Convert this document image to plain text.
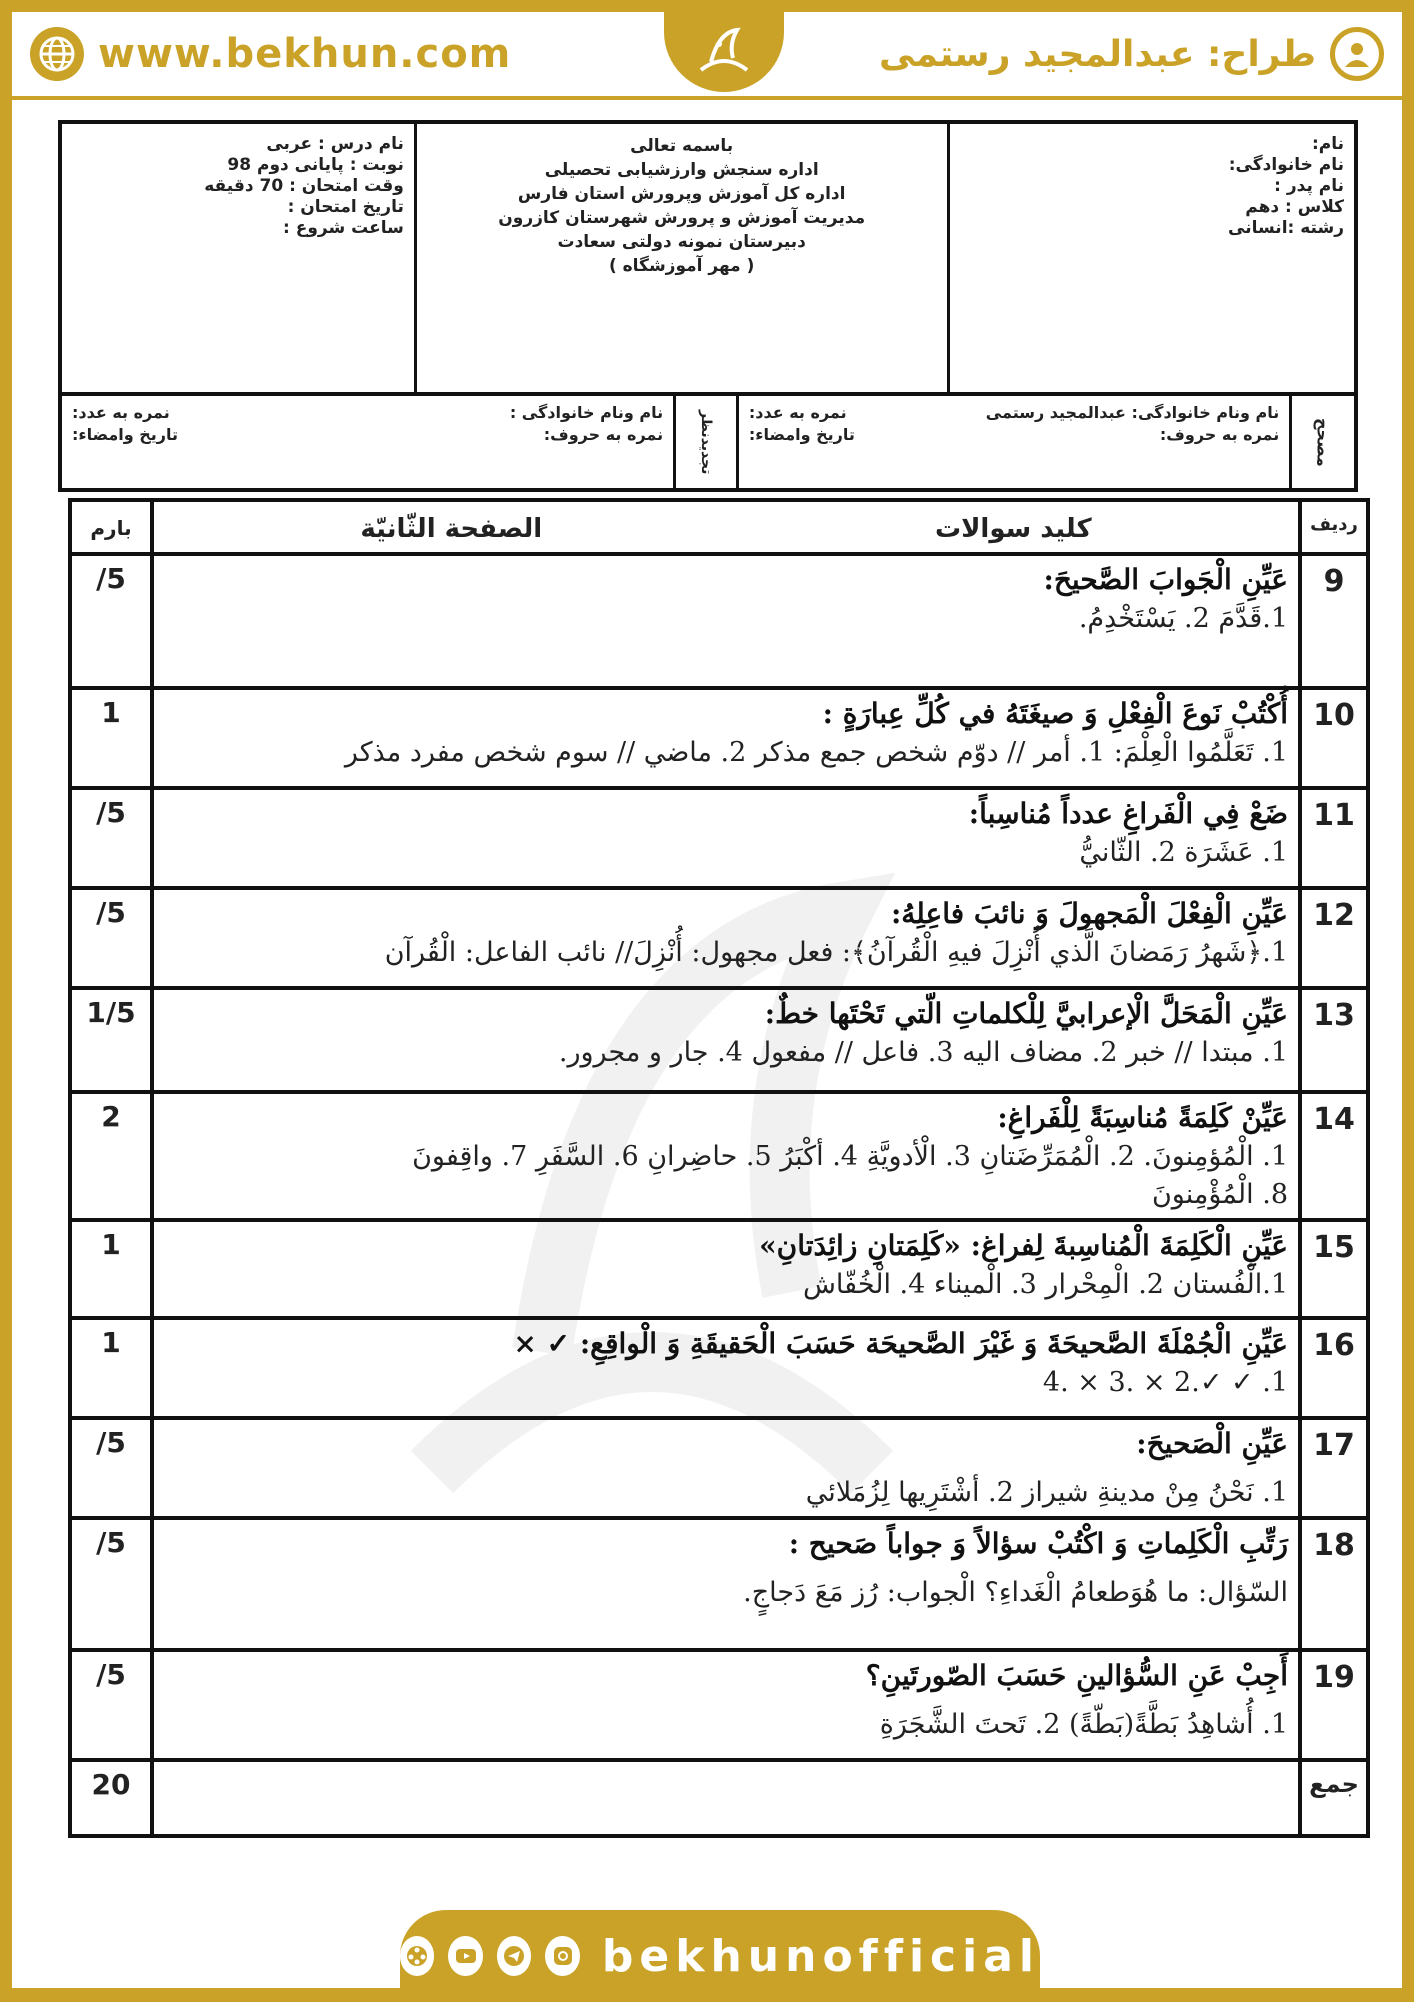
www.bekhun.com	طراح: عبدالمجید رستمی
نام:
نام خانوادگی:
نام پدر :
کلاس : دهم
رشته :انسانی
باسمه تعالی
اداره سنجش وارزشیابی تحصیلی
اداره کل آموزش وپرورش استان فارس
مدیریت آموزش و پرورش شهرستان کازرون
دبیرستان نمونه دولتی سعادت
( مهر آموزشگاه )
نام درس : عربی
نوبت : پایانی دوم 98
وقت امتحان : 70 دقیقه
تاریخ امتحان :
ساعت شروع :
مصحح
نام ونام خانوادگی: عبدالمجید رستمی
نمره به عدد:
نمره به حروف:
تاریخ وامضاء:
تجدیدنظر
نام ونام خانوادگی :
نمره به عدد:
نمره به حروف:
تاریخ وامضاء:
ردیف	کلید سوالات
الصفحة الثّانیّة	بارم
9	عَیِّنِ الْجَوابَ الصَّحیحَ:
1.قَدَّمَ 2. یَسْتَخْدِمُ.	5/
10	أُكْتُبْ نَوعَ الْفِعْلِ وَ صیغَتَهُ في كُلِّ عِبارَةٍ :
1. تَعَلَّمُوا الْعِلْمَ: 1. أمر // دوّم شخص جمع مذکر 2. ماضي // سوم شخص مفرد مذکر	1
11	ضَعْ فِي الْفَراغِ عدداً مُناسِباً:
1. عَشَرَة 2. الثّانيُّ	5/
12	عَیِّنِ الْفِعْلَ الْمَجهولَ وَ نائبَ فاعِلِهُ:
1.﴿شَهرُ رَمَضانَ الَّذي أُنْزِلَ فيهِ الْقُرآنُ﴾: فعل مجهول: أُنْزِلَ// نائب الفاعل: الْقُرآن	5/
13	عَیِّنِ الْمَحَلَّ الْإعرابيَّ لِلْكلماتِ الّتي تَحْتَها خطٌ:
1. مبتدا // خبر 2. مضاف اليه 3. فاعل // مفعول 4. جار و مجرور.	1/5
14	عَیِّنْ كَلِمَةً مُناسِبَةً لِلْفَراغِ:
1. الْمُؤمِنونَ. 2. الْمُمَرِّضَتانِ 3. الْأدويَّةِ 4. أكْبَرُ 5. حاضِرانِ 6. السَّفَرِ 7. واقِفونَ
8. الْمُؤْمِنونَ	2
15	عَیِّنِ الْكَلِمَةَ الْمُناسِبةَ لِفراغ: «كَلِمَتانِ زائِدَتانِ»
1.الْفُستان 2. الْمِحْرار 3. الْميناء 4. الْخُفّاش	1
16	عَیِّنِ الْجُمْلَةَ الصَّحيحَةَ وَ غَيْرَ الصَّحيحَة حَسَبَ الْحَقيقَةِ وَ الْواقِعِ: ✓ ×
1. ✓ ✓.2 × .3 × .4	1
17	عَيِّنِ الْصَحيحَ:
1. نَحْنُ مِنْ مدينةِ شيراز 2. أشْتَرِيها لِزُمَلائي	5/
18	رَتِّبِ الْكَلِماتِ وَ اكْتُبْ سؤالاً وَ جواباً صَحيح :
السّؤال: ما هُوَطعامُ الْغَداءِ؟ الْجواب: رُز مَعَ دَجاجٍ.	5/
19	أَجِبْ عَنِ السُّؤالينِ حَسَبَ الصّورتَينِ؟
1. أُشاهِدُ بَطَّةً(بَطّةً) 2. تَحتَ الشَّجَرَةِ	5/
جمع		20
bekhunofficial
